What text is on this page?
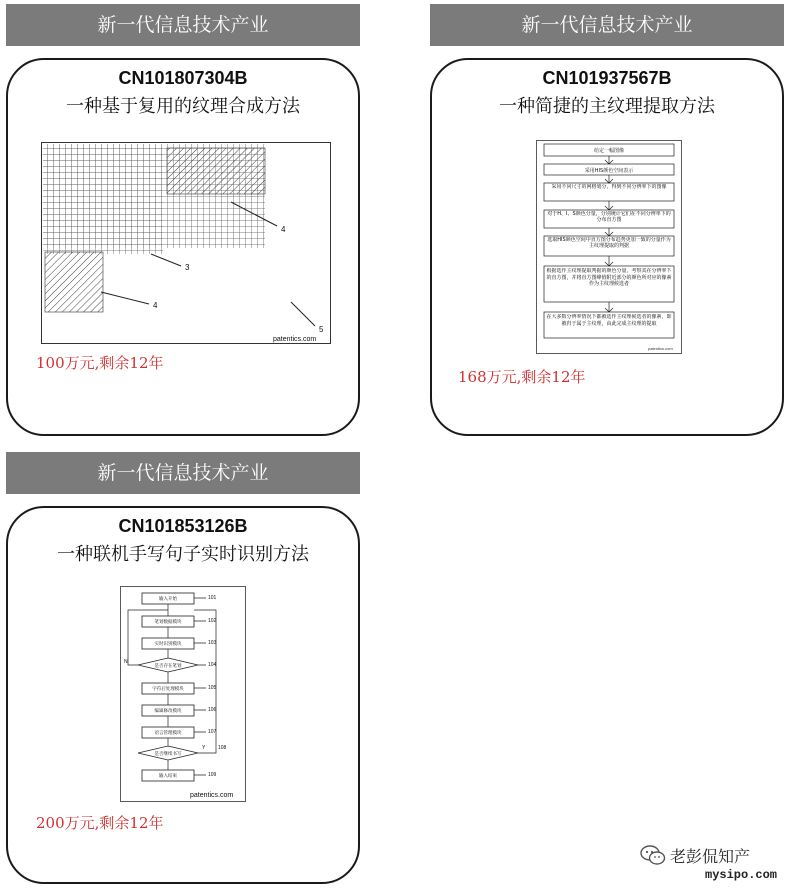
新一代信息技术产业
CN101807304B
一种基于复用的纹理合成方法
4
3
4
5
patentics.com
100万元,剩余12年
新一代信息技术产业
CN101937567B
一种简捷的主纹理提取方法
给定一幅图像
采用HIS颜色空间表示
采用不同尺寸的网格划分，得到不同分辨率下的图像
对于H、I、S颜色分量，分别统计它们在不同分辨率下的分布直方图
选取HIS颜色空间中直方图分布趋势更加一致的分量作为主纹理提取的判据
根据选作主纹理提取判据的颜色分量，考察其在分辨率下的直方图，并将直方图峰值附近部分的颜色所对应的像素作为主纹理候选者
在大多数分辨率情况下都被选作主纹理候选者的像素，即被归于属于主纹理，由此完成主纹理的提取
patentics.com
168万元,剩余12年
新一代信息技术产业
CN101853126B
一种联机手写句子实时识别方法
输入开始
笔划数据模块
实时识别模块
是否存在笔划
字符后处理模块
编辑修改模块
语言管理模块
是否继续书写
输入结束
101
102
103
104
105
106
107
108
109
N
Y
patentics.com
200万元,剩余12年
老彭侃知产
mysipo.com
